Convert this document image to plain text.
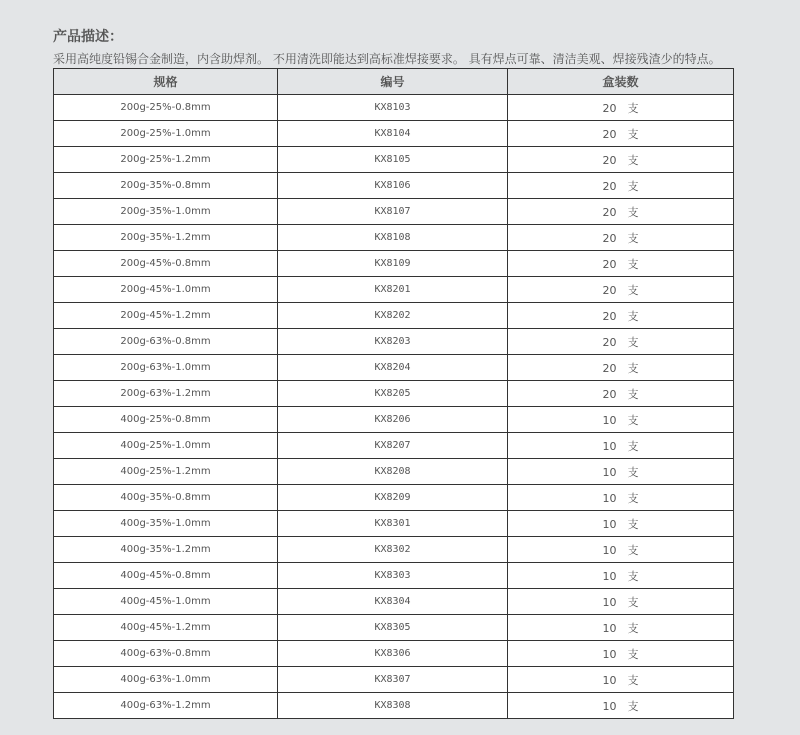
产品描述：
采用高纯度铅锡合金制造，内含助焊剂。 不用清洗即能达到高标准焊接要求。 具有焊点可靠、清洁美观、焊接残渣少的特点。
规格	编号	盒装数
200g-25%-0.8mm	KX8103	20　支
200g-25%-1.0mm	KX8104	20　支
200g-25%-1.2mm	KX8105	20　支
200g-35%-0.8mm	KX8106	20　支
200g-35%-1.0mm	KX8107	20　支
200g-35%-1.2mm	KX8108	20　支
200g-45%-0.8mm	KX8109	20　支
200g-45%-1.0mm	KX8201	20　支
200g-45%-1.2mm	KX8202	20　支
200g-63%-0.8mm	KX8203	20　支
200g-63%-1.0mm	KX8204	20　支
200g-63%-1.2mm	KX8205	20　支
400g-25%-0.8mm	KX8206	10　支
400g-25%-1.0mm	KX8207	10　支
400g-25%-1.2mm	KX8208	10　支
400g-35%-0.8mm	KX8209	10　支
400g-35%-1.0mm	KX8301	10　支
400g-35%-1.2mm	KX8302	10　支
400g-45%-0.8mm	KX8303	10　支
400g-45%-1.0mm	KX8304	10　支
400g-45%-1.2mm	KX8305	10　支
400g-63%-0.8mm	KX8306	10　支
400g-63%-1.0mm	KX8307	10　支
400g-63%-1.2mm	KX8308	10　支
